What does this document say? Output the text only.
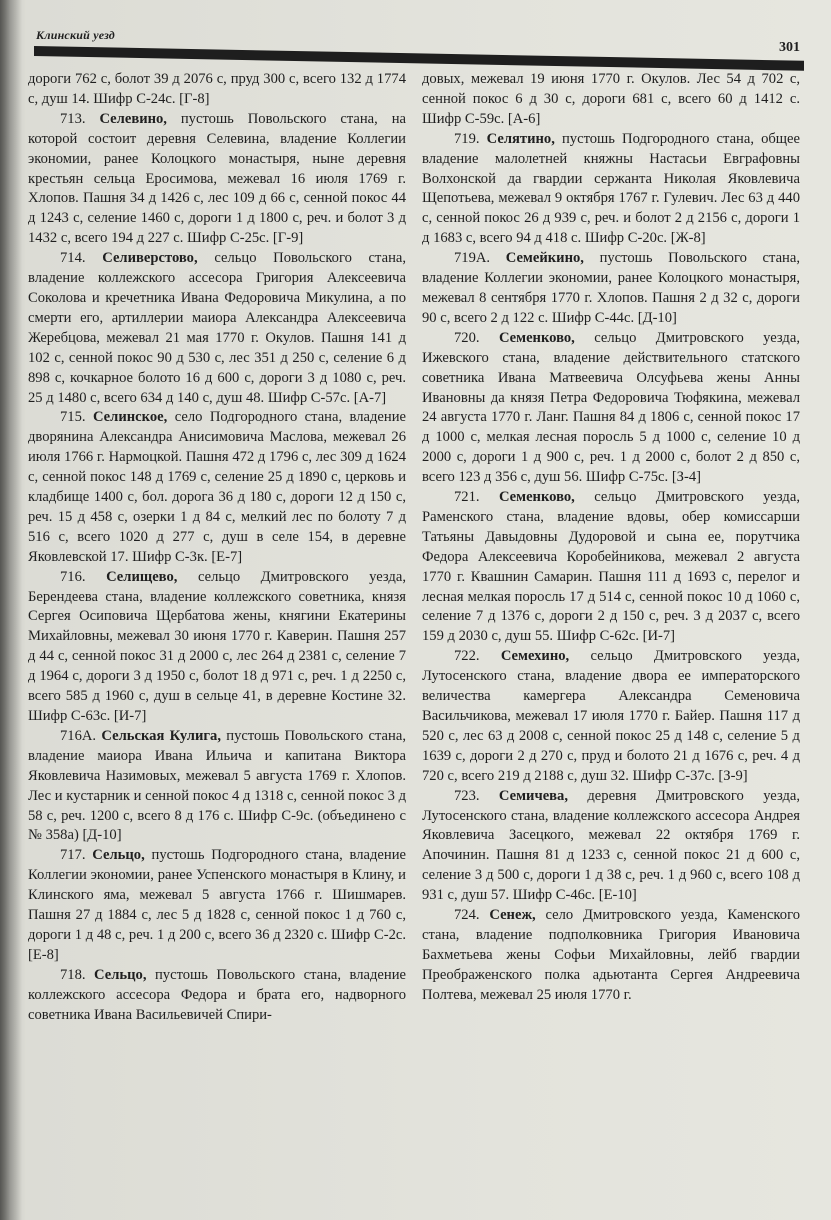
Клинский уезд
301

дороги 762 с, болот 39 д 2076 с, пруд 300 с, всего 132 д 1774 с, душ 14. Шифр С-24с. [Г-8]

713. Селевино, пустошь Повольского стана, на которой состоит деревня Селевина, владение Коллегии экономии, ранее Колоцкого монастыря, ныне деревня крестьян сельца Еросимова, межевал 16 июля 1769 г. Хлопов. Пашня 34 д 1426 с, лес 109 д 66 с, сенной покос 44 д 1243 с, селение 1460 с, дороги 1 д 1800 с, реч. и болот 3 д 1432 с, всего 194 д 227 с. Шифр С-25с. [Г-9]

714. Селиверстово, сельцо Повольского стана, владение коллежского ассесора Григория Алексеевича Соколова и кречетника Ивана Федоровича Микулина, а по смерти его, артиллерии маиора Александра Алексеевича Жеребцова, межевал 21 мая 1770 г. Окулов. Пашня 141 д 102 с, сенной покос 90 д 530 с, лес 351 д 250 с, селение 6 д 898 с, кочкарное болото 16 д 600 с, дороги 3 д 1080 с, реч. 25 д 1480 с, всего 634 д 140 с, душ 48. Шифр С-57с. [А-7]

715. Селинское, село Подгородного стана, владение дворянина Александра Анисимовича Маслова, межевал 26 июля 1766 г. Нармоцкой. Пашня 472 д 1796 с, лес 309 д 1624 с, сенной покос 148 д 1769 с, селение 25 д 1890 с, церковь и кладбище 1400 с, бол. дорога 36 д 180 с, дороги 12 д 150 с, реч. 15 д 458 с, озерки 1 д 84 с, мелкий лес по болоту 7 д 516 с, всего 1020 д 277 с, душ в селе 154, в деревне Яковлевской 17. Шифр С-3к. [Е-7]

716. Селищево, сельцо Дмитровского уезда, Берендеева стана, владение коллежского советника, князя Сергея Осиповича Щербатова жены, княгини Екатерины Михайловны, межевал 30 июня 1770 г. Каверин. Пашня 257 д 44 с, сенной покос 31 д 2000 с, лес 264 д 2381 с, селение 7 д 1964 с, дороги 3 д 1950 с, болот 18 д 971 с, реч. 1 д 2250 с, всего 585 д 1960 с, душ в сельце 41, в деревне Костине 32. Шифр С-63с. [И-7]

716А. Сельская Кулига, пустошь Повольского стана, владение маиора Ивана Ильича и капитана Виктора Яковлевича Назимовых, межевал 5 августа 1769 г. Хлопов. Лес и кустарник и сенной покос 4 д 1318 с, сенной покос 3 д 58 с, реч. 1200 с, всего 8 д 176 с. Шифр С-9с. (объединено с № 358а) [Д-10]

717. Сельцо, пустошь Подгородного стана, владение Коллегии экономии, ранее Успенского монастыря в Клину, и Клинского яма, межевал 5 августа 1766 г. Шишмарев. Пашня 27 д 1884 с, лес 5 д 1828 с, сенной покос 1 д 760 с, дороги 1 д 48 с, реч. 1 д 200 с, всего 36 д 2320 с. Шифр С-2с. [Е-8]

718. Сельцо, пустошь Повольского стана, владение коллежского ассесора Федора и брата его, надворного советника Ивана Васильевичей Спири-

довых, межевал 19 июня 1770 г. Окулов. Лес 54 д 702 с, сенной покос 6 д 30 с, дороги 681 с, всего 60 д 1412 с. Шифр С-59с. [А-6]

719. Селятино, пустошь Подгородного стана, общее владение малолетней княжны Настасьи Евграфовны Волхонской да гвардии сержанта Николая Яковлевича Щепотьева, межевал 9 октября 1767 г. Гулевич. Лес 63 д 440 с, сенной покос 26 д 939 с, реч. и болот 2 д 2156 с, дороги 1 д 1683 с, всего 94 д 418 с. Шифр С-20с. [Ж-8]

719А. Семейкино, пустошь Повольского стана, владение Коллегии экономии, ранее Колоцкого монастыря, межевал 8 сентября 1770 г. Хлопов. Пашня 2 д 32 с, дороги 90 с, всего 2 д 122 с. Шифр С-44с. [Д-10]

720. Семенково, сельцо Дмитровского уезда, Ижевского стана, владение действительного статского советника Ивана Матвеевича Олсуфьева жены Анны Ивановны да князя Петра Федоровича Тюфякина, межевал 24 августа 1770 г. Ланг. Пашня 84 д 1806 с, сенной покос 17 д 1000 с, мелкая лесная поросль 5 д 1000 с, селение 10 д 2000 с, дороги 1 д 900 с, реч. 1 д 2000 с, болот 2 д 850 с, всего 123 д 356 с, душ 56. Шифр С-75с. [З-4]

721. Семенково, сельцо Дмитровского уезда, Раменского стана, владение вдовы, обер комиссарши Татьяны Давыдовны Дудоровой и сына ее, порутчика Федора Алексеевича Коробейникова, межевал 2 августа 1770 г. Квашнин Самарин. Пашня 111 д 1693 с, перелог и лесная мелкая поросль 17 д 514 с, сенной покос 10 д 1060 с, селение 7 д 1376 с, дороги 2 д 150 с, реч. 3 д 2037 с, всего 159 д 2030 с, душ 55. Шифр С-62с. [И-7]

722. Семехино, сельцо Дмитровского уезда, Лутосенского стана, владение двора ее императорского величества камергера Александра Семеновича Васильчикова, межевал 17 июля 1770 г. Байер. Пашня 117 д 520 с, лес 63 д 2008 с, сенной покос 25 д 148 с, селение 5 д 1639 с, дороги 2 д 270 с, пруд и болото 21 д 1676 с, реч. 4 д 720 с, всего 219 д 2188 с, душ 32. Шифр С-37с. [З-9]

723. Семичева, деревня Дмитровского уезда, Лутосенского стана, владение коллежского ассесора Андрея Яковлевича Засецкого, межевал 22 октября 1769 г. Апочинин. Пашня 81 д 1233 с, сенной покос 21 д 600 с, селение 3 д 500 с, дороги 1 д 38 с, реч. 1 д 960 с, всего 108 д 931 с, душ 57. Шифр С-46с. [Е-10]

724. Сенеж, село Дмитровского уезда, Каменского стана, владение подполковника Григория Ивановича Бахметьева жены Софьи Михайловны, лейб гвардии Преображенского полка адьютанта Сергея Андреевича Полтева, межевал 25 июля 1770 г.
